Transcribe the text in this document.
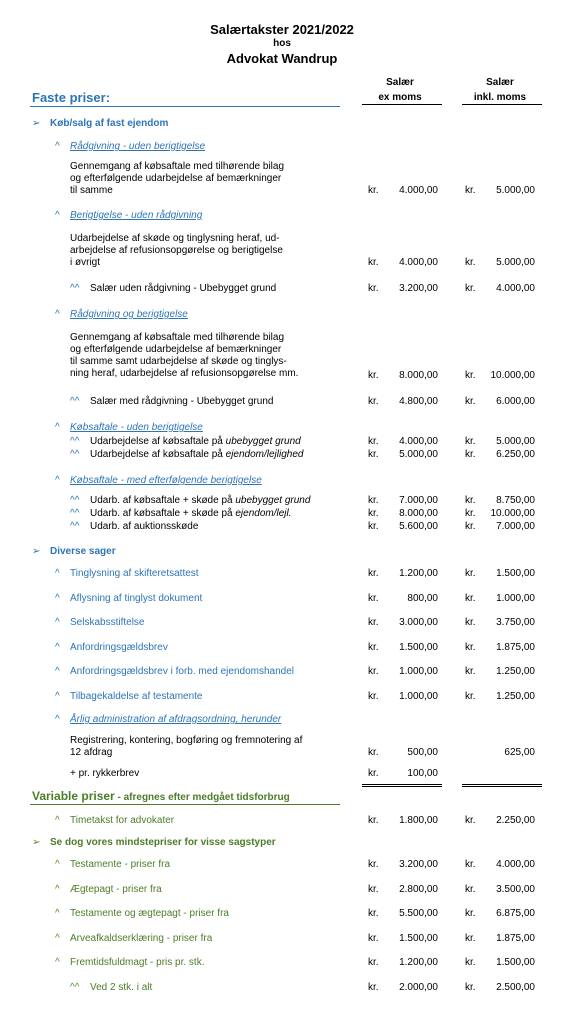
Salærtakster 2021/2022
hos
Advokat Wandrup
Salær
ex moms
Salær
inkl. moms
Faste priser:
➢ Køb/salg af fast ejendom
^ Rådgivning - uden berigtigelse
Gennemgang af købsaftale med tilhørende bilag
og efterfølgende udarbejdelse af bemærkninger
til samme	kr.	4.000,00	kr.	5.000,00
^ Berigtigelse - uden rådgivning
Udarbejdelse af skøde og tinglysning heraf, ud-
arbejdelse af refusionsopgørelse og berigtigelse
i øvrigt	kr.	4.000,00	kr.	5.000,00
^^ Salær uden rådgivning - Ubebygget grund	kr.	3.200,00	kr.	4.000,00
^ Rådgivning og berigtigelse
Gennemgang af købsaftale med tilhørende bilag
og efterfølgende udarbejdelse af bemærkninger
til samme samt udarbejdelse af skøde og tinglys-
ning heraf, udarbejdelse af refusionsopgørelse mm.	kr.	8.000,00	kr.	10.000,00
^^ Salær med rådgivning - Ubebygget grund	kr.	4.800,00	kr.	6.000,00
^ Købsaftale - uden berigtigelse
^^ Udarbejdelse af købsaftale på ubebygget grund	kr.	4.000,00	kr.	5.000,00
^^ Udarbejdelse af købsaftale på ejendom/lejlighed	kr.	5.000,00	kr.	6.250,00
^ Købsaftale - med efterfølgende berigtigelse
^^ Udarb. af købsaftale + skøde på ubebygget grund	kr.	7.000,00	kr.	8.750,00
^^ Udarb. af købsaftale + skøde på ejendom/lejl.	kr.	8.000,00	kr.	10.000,00
^^ Udarb. af auktionsskøde	kr.	5.600,00	kr.	7.000,00
➢ Diverse sager
^ Tinglysning af skifteretsattest	kr.	1.200,00	kr.	1.500,00
^ Aflysning af tinglyst dokument	kr.	800,00	kr.	1.000,00
^ Selskabsstiftelse	kr.	3.000,00	kr.	3.750,00
^ Anfordringsgældsbrev	kr.	1.500,00	kr.	1.875,00
^ Anfordringsgældsbrev i forb. med ejendomshandel	kr.	1.000,00	kr.	1.250,00
^ Tilbagekaldelse af testamente	kr.	1.000,00	kr.	1.250,00
^ Årlig administration af afdragsordning, herunder
Registrering, kontering, bogføring og fremnotering af
12 afdrag	kr.	500,00	625,00
+ pr. rykkerbrev	kr.	100,00
Variable priser - afregnes efter medgået tidsforbrug
^ Timetakst for advokater	kr.	1.800,00	kr.	2.250,00
➢ Se dog vores mindstepriser for visse sagstyper
^ Testamente - priser fra	kr.	3.200,00	kr.	4.000,00
^ Ægtepagt - priser fra	kr.	2.800,00	kr.	3.500,00
^ Testamente og ægtepagt - priser fra	kr.	5.500,00	kr.	6.875,00
^ Arveafkaldserklæring - priser fra	kr.	1.500,00	kr.	1.875,00
^ Fremtidsfuldmagt - pris pr. stk.	kr.	1.200,00	kr.	1.500,00
^^ Ved 2 stk. i alt	kr.	2.000,00	kr.	2.500,00
